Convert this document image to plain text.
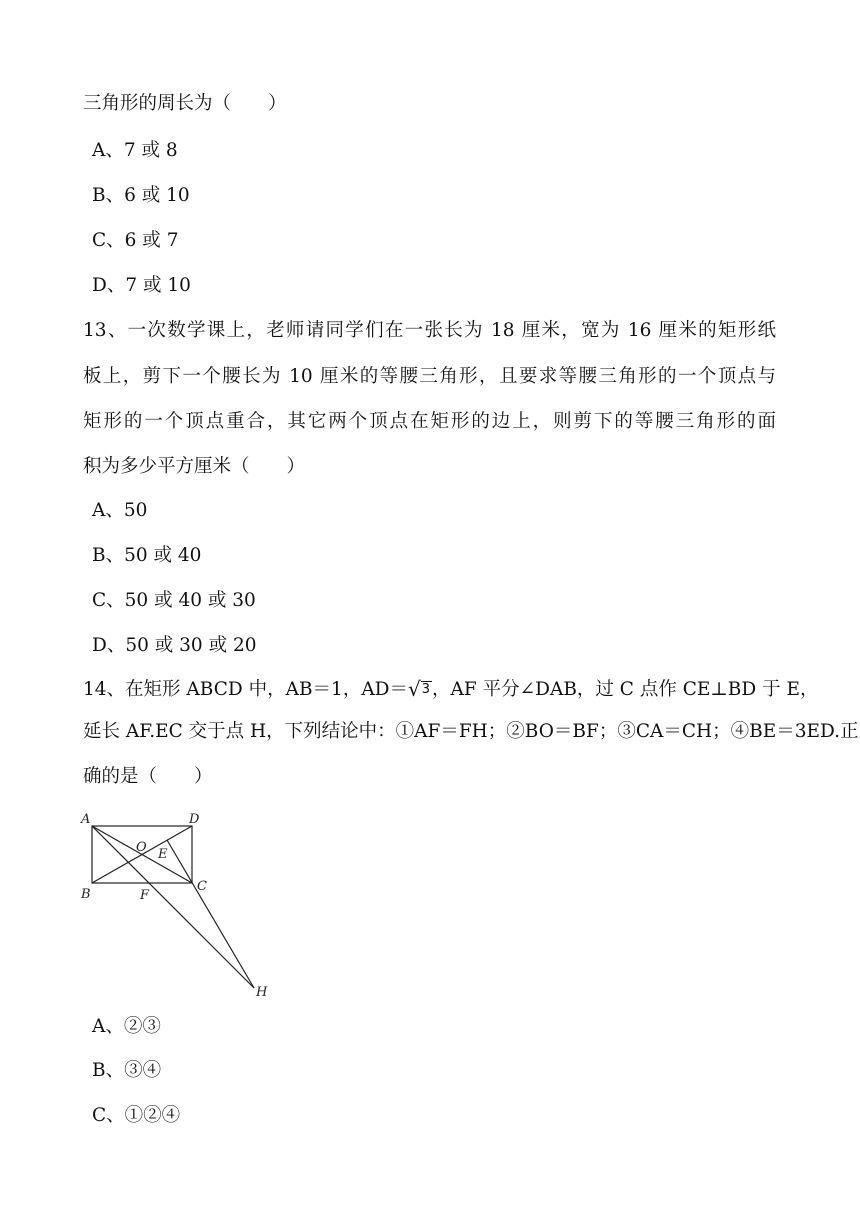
三角形的周长为（　　）
A、7 或 8
B、6 或 10
C、6 或 7
D、7 或 10
13、一次数学课上，老师请同学们在一张长为 18 厘米，宽为 16 厘米的矩形纸
板上，剪下一个腰长为 10 厘米的等腰三角形，且要求等腰三角形的一个顶点与
矩形的一个顶点重合，其它两个顶点在矩形的边上，则剪下的等腰三角形的面
积为多少平方厘米（　　）
A、50
B、50 或 40
C、50 或 40 或 30
D、50 或 30 或 20
14、在矩形 ABCD 中，AB＝1，AD＝√3 ，AF 平分∠DAB，过 C 点作 CE⊥BD 于 E，
延长 AF.EC 交于点 H，下列结论中：①AF＝FH；②BO＝BF；③CA＝CH；④BE＝3ED.正
确的是（　　）
A	D
O E
B	F
C
H
A、②③
B、③④
C、①②④
